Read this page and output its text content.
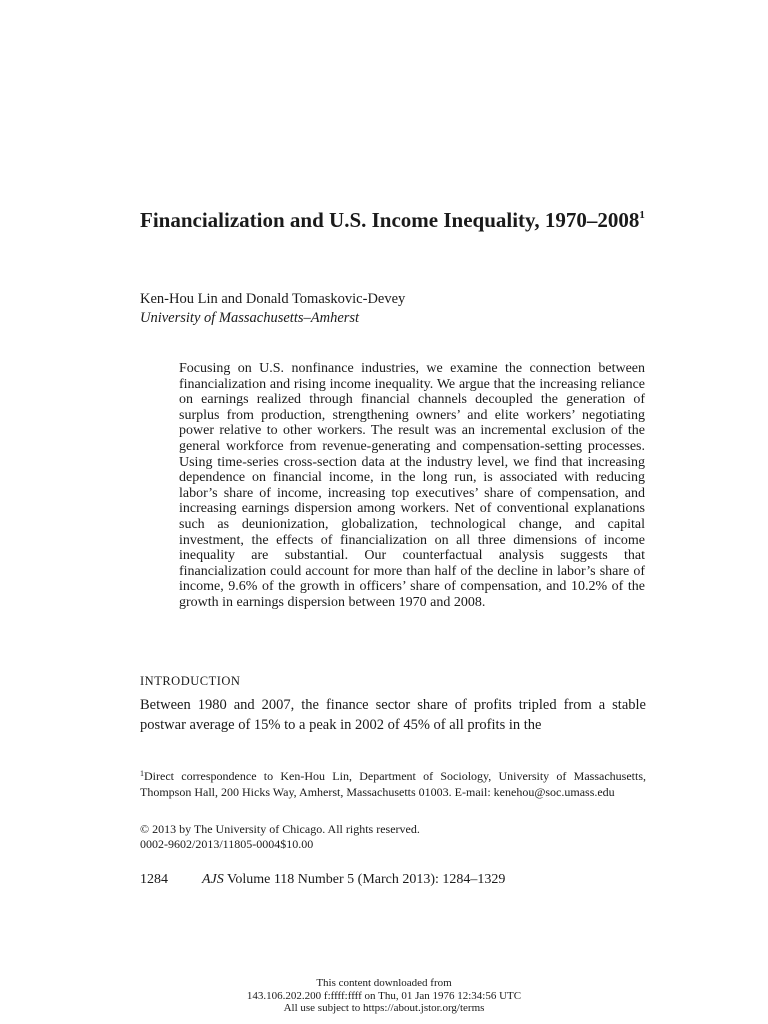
Financialization and U.S. Income Inequality, 1970–2008$^1$
Ken-Hou Lin and Donald Tomaskovic-Devey
University of Massachusetts–Amherst

Focusing on U.S. nonfinance industries, we examine the connection between financialization and rising income inequality. We argue that the increasing reliance on earnings realized through financial channels decoupled the generation of surplus from production, strengthening owners’ and elite workers’ negotiating power relative to other workers. The result was an incremental exclusion of the general workforce from revenue-generating and compensation-setting processes. Using time-series cross-section data at the industry level, we find that increasing dependence on financial income, in the long run, is associated with reducing labor’s share of income, increasing top executives’ share of compensation, and increasing earnings dispersion among workers. Net of conventional explanations such as deunionization, globalization, technological change, and capital investment, the effects of financialization on all three dimensions of income inequality are substantial. Our counterfactual analysis suggests that financialization could account for more than half of the decline in labor’s share of income, 9.6% of the growth in officers’ share of compensation, and 10.2% of the growth in earnings dispersion between 1970 and 2008.

INTRODUCTION

Between 1980 and 2007, the finance sector share of profits tripled from a stable postwar average of 15% to a peak in 2002 of 45% of all profits in the

$^1$Direct correspondence to Ken-Hou Lin, Department of Sociology, University of Massachusetts, Thompson Hall, 200 Hicks Way, Amherst, Massachusetts 01003. E-mail: kenehou@soc.umass.edu

© 2013 by The University of Chicago. All rights reserved.
0002-9602/2013/11805-0004$10.00
1284 AJS Volume 118 Number 5 (March 2013): 1284–1329
This content downloaded from
143.106.202.200 f:ffff:ffff on Thu, 01 Jan 1976 12:34:56 UTC
All use subject to https://about.jstor.org/terms
